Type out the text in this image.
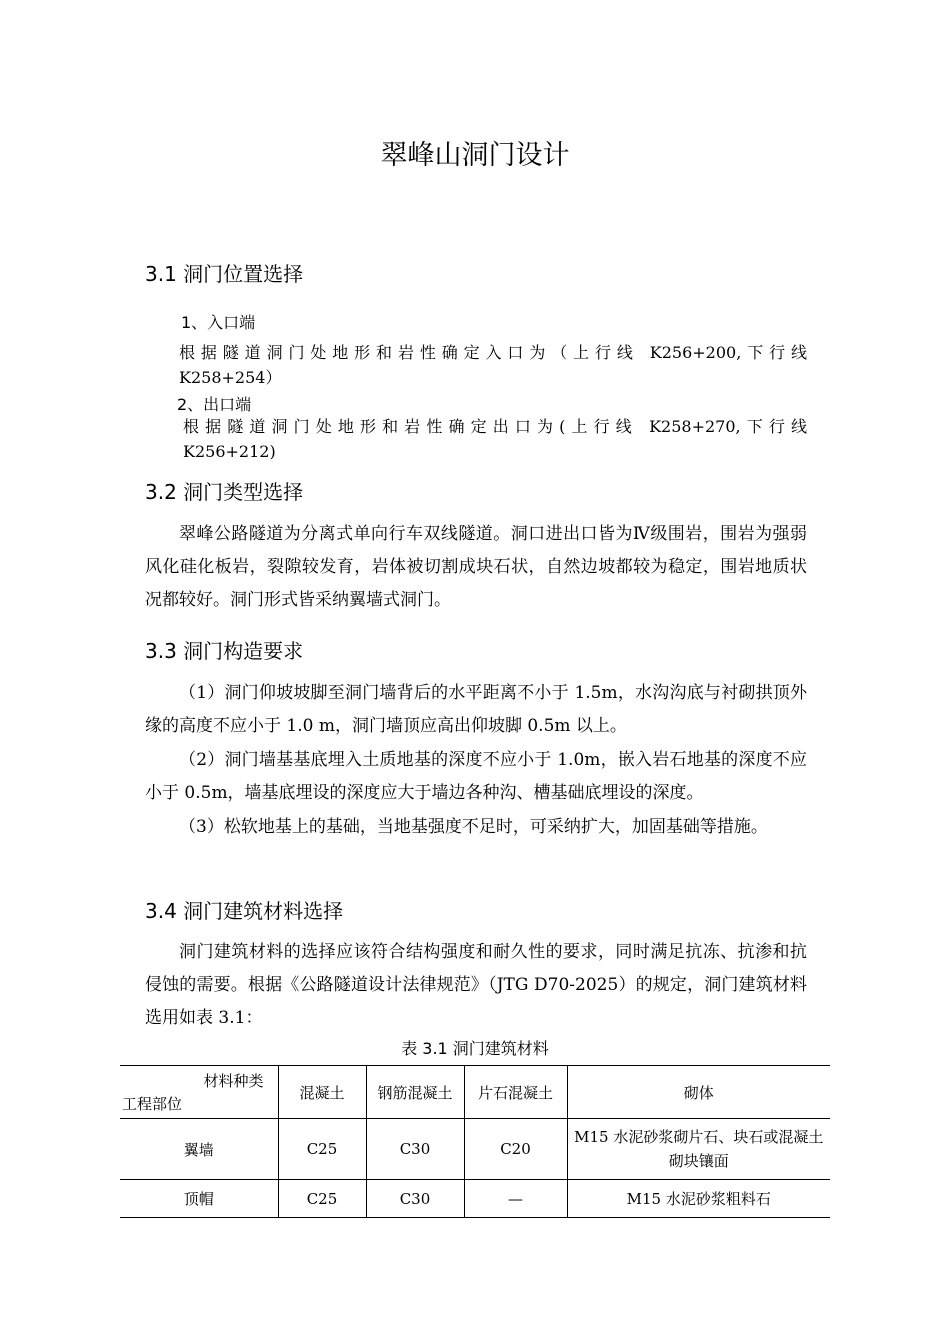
翠峰山洞门设计
3.1 洞门位置选择
1、入口端

根据隧道洞门处地形和岩性确定入口为（上行线 K256+200,下行线
K258+254）

2、出口端

根据隧道洞门处地形和岩性确定出口为(上行线 K258+270,下行线
K256+212)

3.2 洞门类型选择

翠峰公路隧道为分离式单向行车双线隧道。洞口进出口皆为Ⅳ级围岩，围岩为强弱风化硅化板岩，裂隙较发育，岩体被切割成块石状，自然边坡都较为稳定，围岩地质状况都较好。洞门形式皆采纳翼墙式洞门。

3.3 洞门构造要求

（1）洞门仰坡坡脚至洞门墙背后的水平距离不小于 1.5m，水沟沟底与衬砌拱顶外缘的高度不应小于 1.0 m，洞门墙顶应高出仰坡脚 0.5m 以上。

（2）洞门墙基基底埋入土质地基的深度不应小于 1.0m，嵌入岩石地基的深度不应小于 0.5m，墙基底埋设的深度应大于墙边各种沟、槽基础底埋设的深度。

（3）松软地基上的基础，当地基强度不足时，可采纳扩大，加固基础等措施。

3.4 洞门建筑材料选择

洞门建筑材料的选择应该符合结构强度和耐久性的要求，同时满足抗冻、抗渗和抗侵蚀的需要。根据《公路隧道设计法律规范》（JTG D70-2025）的规定，洞门建筑材料选用如表 3.1：

表 3.1 洞门建筑材料

材料种类
工程部位	混凝土	钢筋混凝土	片石混凝土	砌体
翼墙	C25	C30	C20	M15 水泥砂浆砌片石、块石或混凝土砌块镶面
顶帽	C25	C30	—	M15 水泥砂浆粗料石
